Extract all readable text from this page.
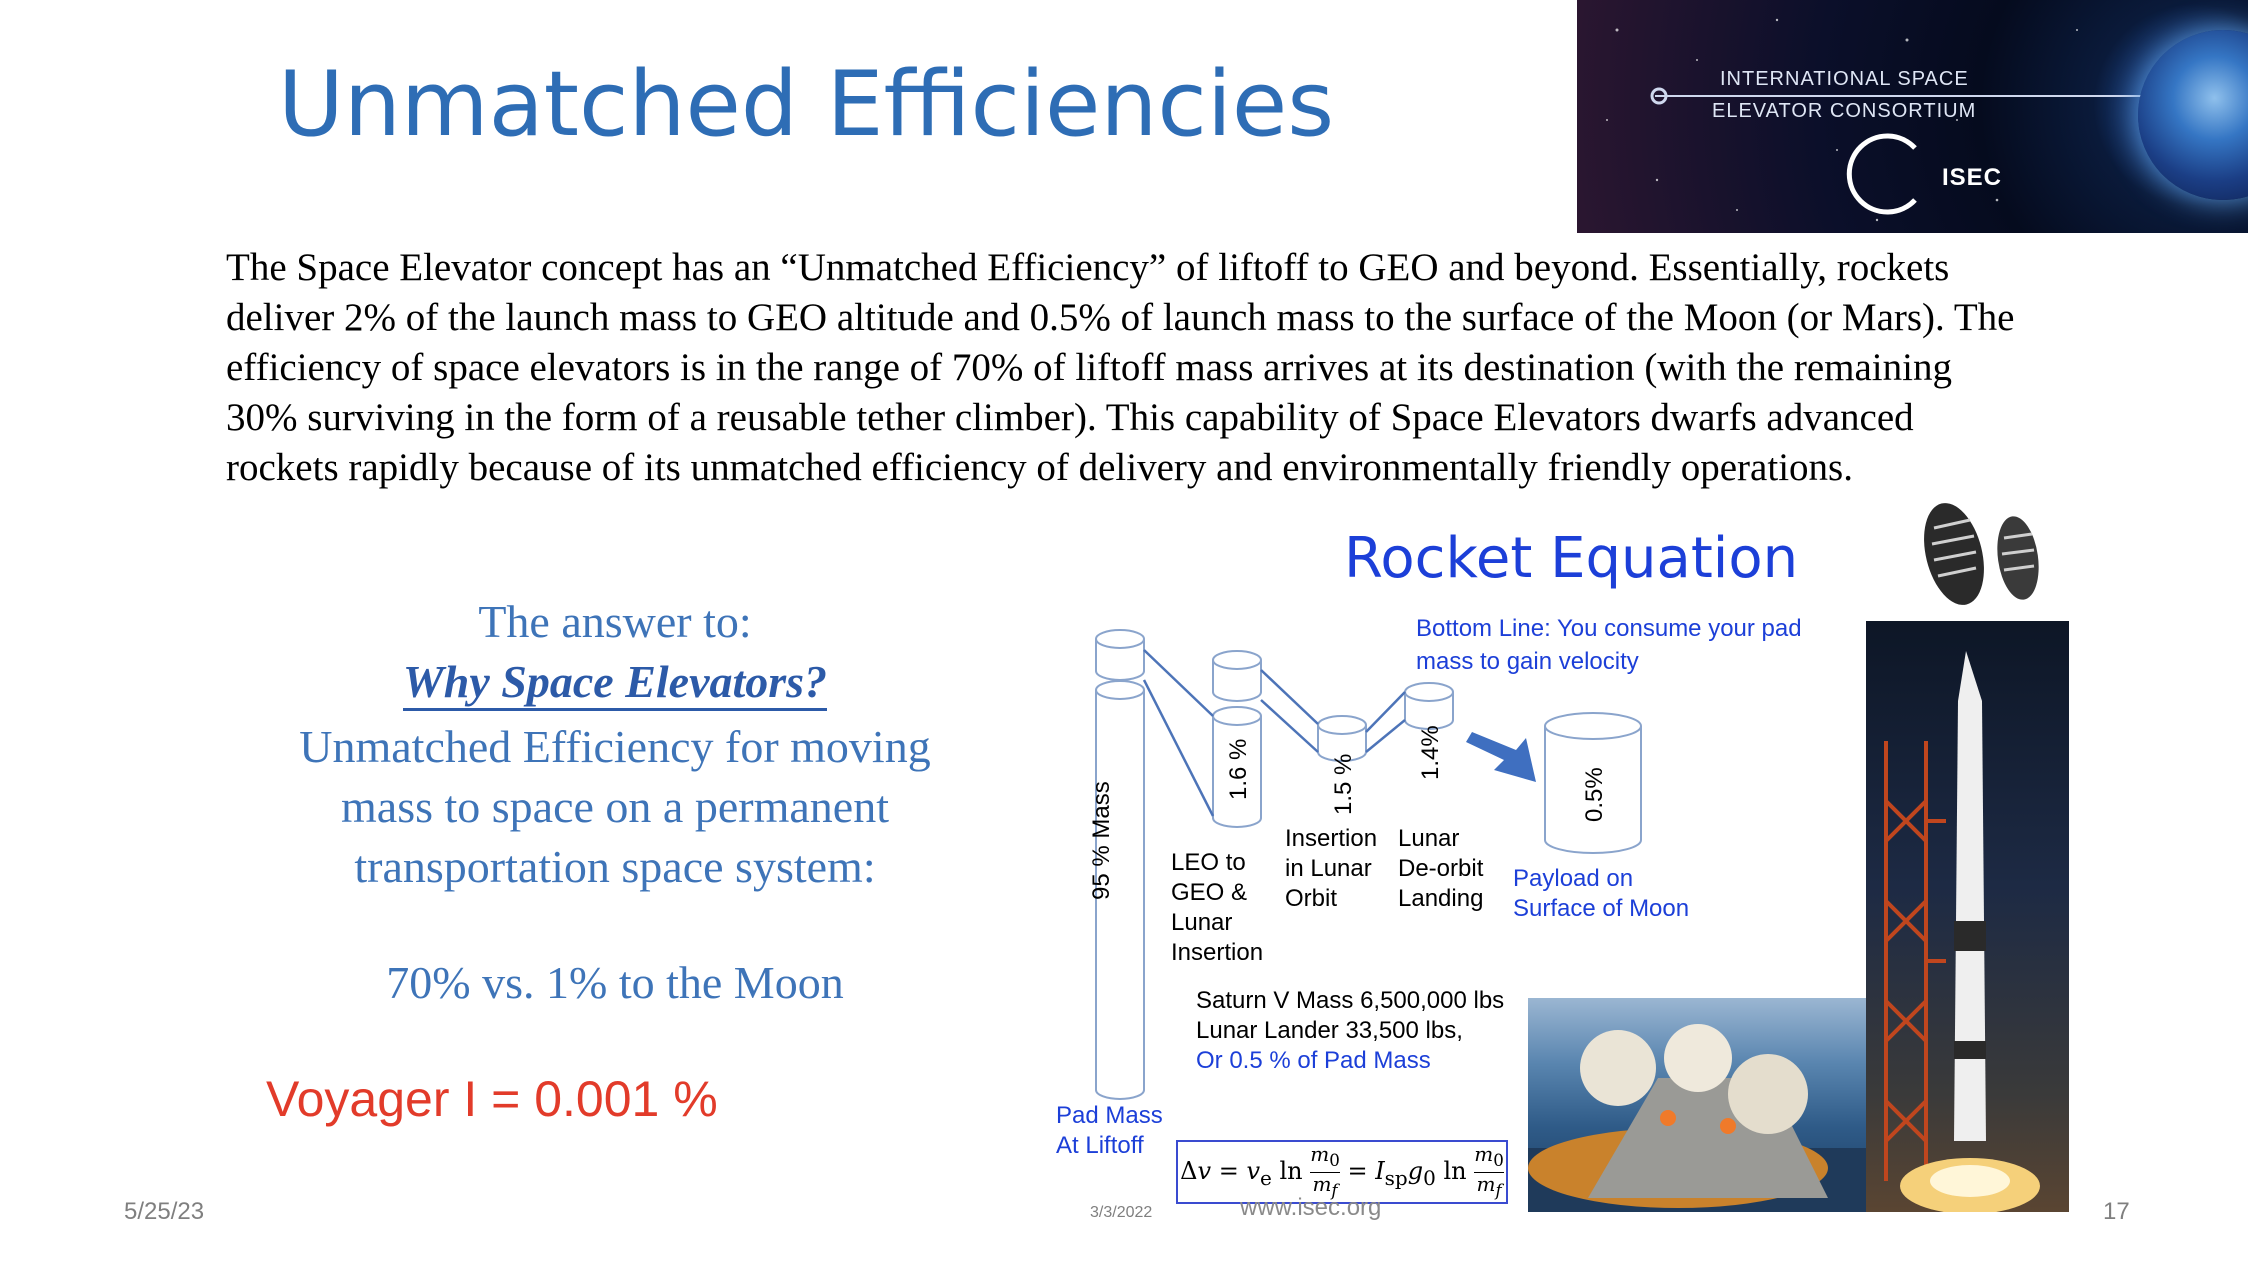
Unmatched Efficiencies	INTERNATIONAL SPACE
ELEVATOR CONSORTIUM
ISEC
The Space Elevator concept has an “Unmatched Efficiency” of liftoff to GEO and beyond. Essentially, rockets deliver 2% of the launch mass to GEO altitude and 0.5% of launch mass to the surface of the Moon (or Mars). The efficiency of space elevators is in the range of 70% of liftoff mass arrives at its destination (with the remaining 30% surviving in the form of a reusable tether climber). This capability of Space Elevators dwarfs advanced rockets rapidly because of its unmatched efficiency of delivery and environmentally friendly operations.
The answer to:
Why Space Elevators?
Unmatched Efficiency for moving
mass to space on a permanent
transportation space system:
70% vs. 1% to the Moon
Voyager I = 0.001 %
Rocket Equation
Bottom Line: You consume your pad mass to gain velocity
95 % Mass
1.6 %	1.5 %
1.4%
0.5%
LEO to
GEO &
Lunar
Insertion
Insertion
in Lunar
Orbit
Lunar
De-orbit
Landing
Payload on
Surface of Moon
Pad Mass
At Liftoff
Saturn V Mass 6,500,000 lbs
Lunar Lander 33,500 lbs,
Or 0.5 % of Pad Mass
$\Delta v = v_e$ $\ln \frac{m_0}{m_f} = I_{sp}g_0$ $\ln \frac{m_0}{m_f}$
5/25/23	3/3/2022	www.isec.org	17
